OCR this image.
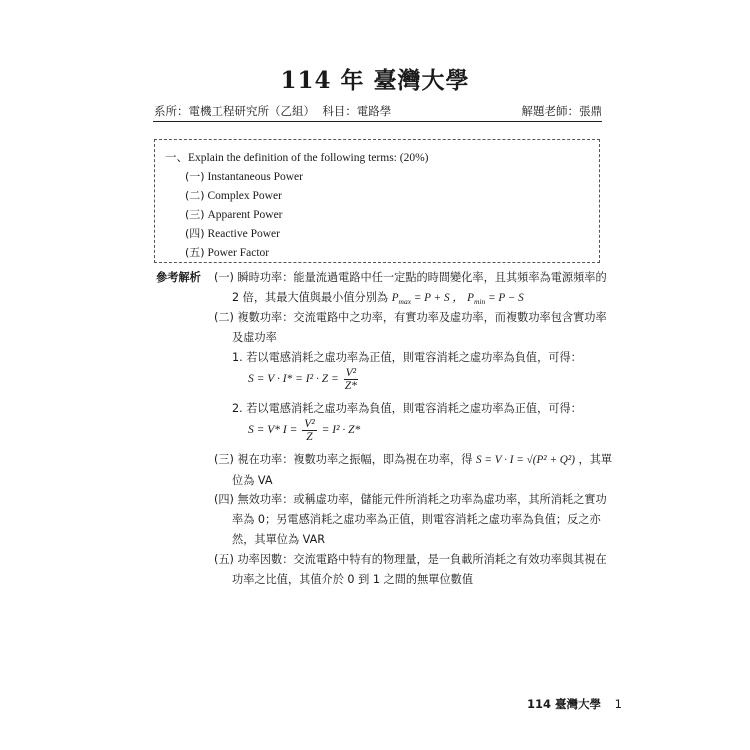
114 年 臺灣大學
系所：電機工程研究所（乙組） 科目：電路學	解題老師：張鼎
一、Explain the definition of the following terms: (20%)
(一) Instantaneous Power
(二) Complex Power
(三) Apparent Power
(四) Reactive Power
(五) Power Factor
參考解析 (一) 瞬時功率：能量流過電路中任一定點的時間變化率，且其頻率為電源頻率的
2 倍，其最大值與最小值分別為 $P_{max} = P + S$ ， $P_{min} = P - S$
(二) 複數功率：交流電路中之功率，有實功率及虛功率，而複數功率包含實功率
及虛功率
1. 若以電感消耗之虛功率為正值，則電容消耗之虛功率為負值，可得：
$S = V \cdot I* = I^2 \cdot Z = \frac{\text{V²}}{Z*}$
2. 若以電感消耗之虛功率為負值，則電容消耗之虛功率為正值，可得：
S = V* $I = \frac{\text{V²}}{Z} = I^2 \cdot Z*$
(三) 視在功率：複數功率之振幅，即為視在功率，得 S = V · I = √(P² + Q²) ，其單
位為 VA
(四) 無效功率：或稱虛功率，儲能元件所消耗之功率為虛功率，其所消耗之實功
率為 0；另電感消耗之虛功率為正值，則電容消耗之虛功率為負值；反之亦
然，其單位為 VAR
(五) 功率因數：交流電路中特有的物理量，是一負載所消耗之有效功率與其視在
功率之比值，其值介於 0 到 1 之間的無單位數值
114 臺灣大學 1
